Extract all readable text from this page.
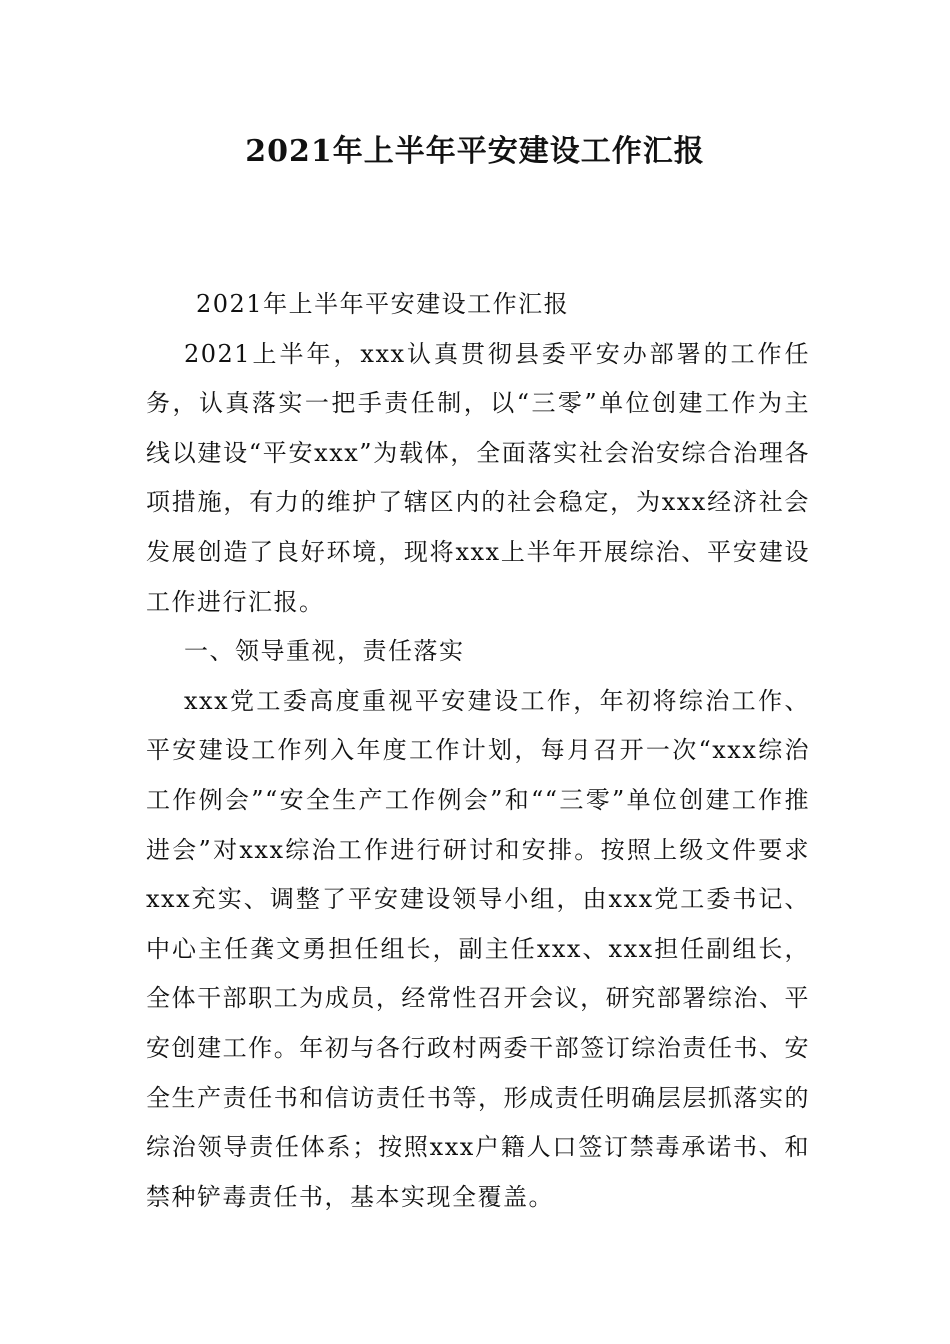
2021年上半年平安建设工作汇报

2021年上半年平安建设工作汇报

2021上半年，xxx认真贯彻县委平安办部署的工作任务，认真落实一把手责任制，以“三零”单位创建工作为主线以建设“平安xxx”为载体，全面落实社会治安综合治理各项措施，有力的维护了辖区内的社会稳定，为xxx经济社会发展创造了良好环境，现将xxx上半年开展综治、平安建设工作进行汇报。

一、领导重视，责任落实

xxx党工委高度重视平安建设工作，年初将综治工作、平安建设工作列入年度工作计划，每月召开一次“xxx综治工作例会”“安全生产工作例会”和““三零”单位创建工作推进会”对xxx综治工作进行研讨和安排。按照上级文件要求xxx充实、调整了平安建设领导小组，由xxx党工委书记、中心主任龚文勇担任组长，副主任xxx、xxx担任副组长，全体干部职工为成员，经常性召开会议，研究部署综治、平安创建工作。年初与各行政村两委干部签订综治责任书、安全生产责任书和信访责任书等，形成责任明确层层抓落实的综治领导责任体系；按照xxx户籍人口签订禁毒承诺书、和禁种铲毒责任书，基本实现全覆盖。
